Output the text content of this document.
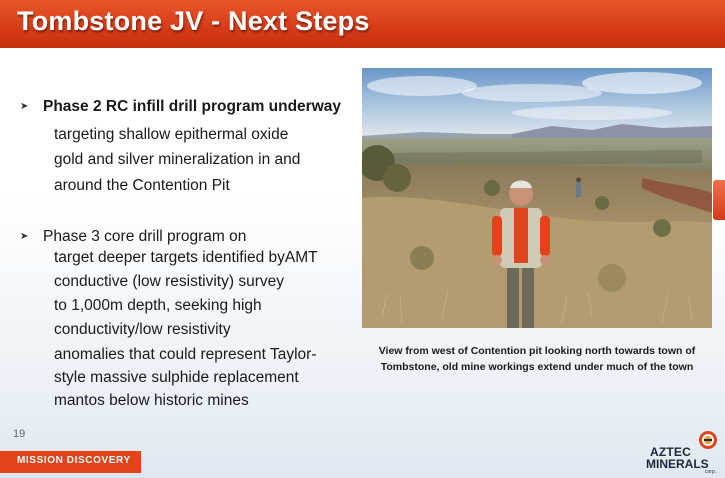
Tombstone JV - Next Steps
➤ Phase 2 RC infill drill program underway
targeting shallow epithermal oxide
gold and silver mineralization in and
around the Contention Pit
➤ Phase 3 core drill program on
target deeper targets identified byAMT
conductive (low resistivity) survey
to 1,000m depth, seeking high
conductivity/low resistivity
anomalies that could represent Taylor-
style massive sulphide replacement
mantos below historic mines
View from west of Contention pit looking north towards town of
Tombstone, old mine workings extend under much of the town
19
MISSION DISCOVERY
AZTEC
MINERALS
corp.
